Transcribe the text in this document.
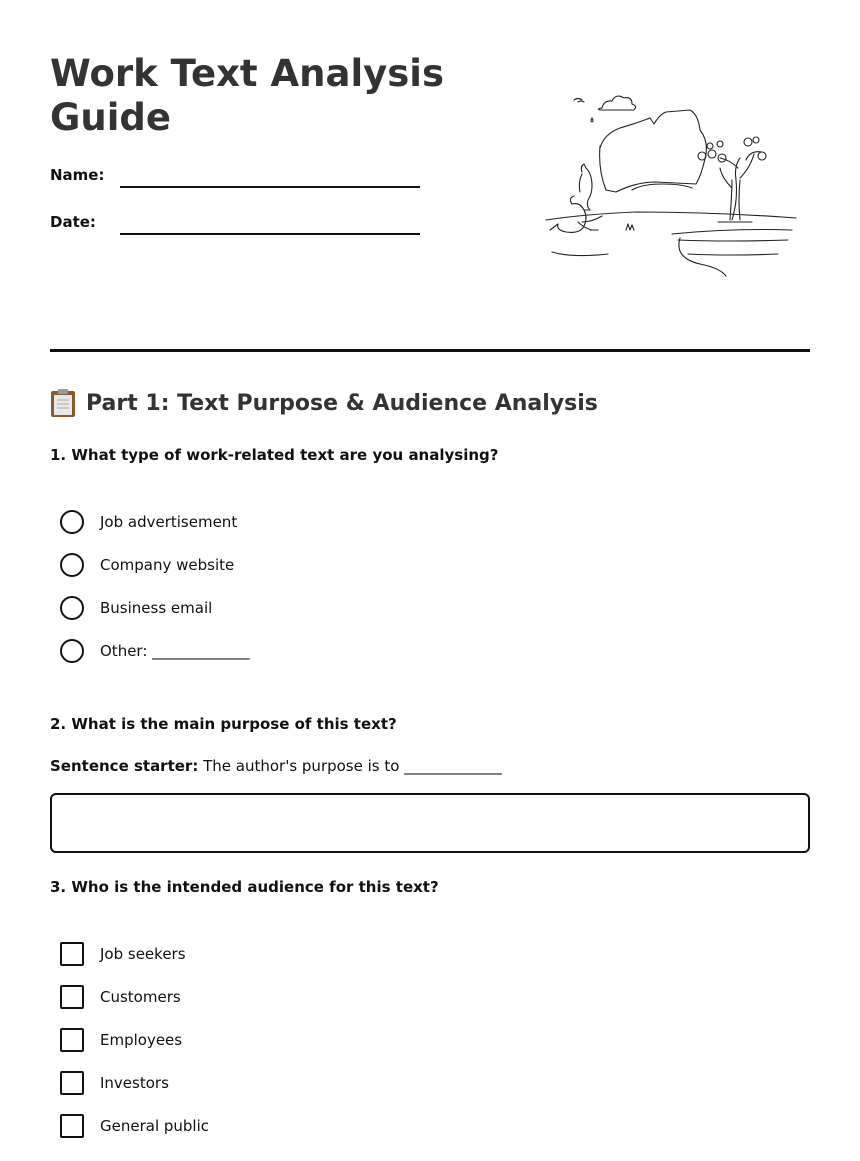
Work Text Analysis Guide
Name:
Date:
Part 1: Text Purpose & Audience Analysis
1. What type of work-related text are you analysing?
Job advertisement
Company website
Business email
Other: _____________
2. What is the main purpose of this text?
Sentence starter: The author's purpose is to _____________
3. Who is the intended audience for this text?
Job seekers
Customers
Employees
Investors
General public
